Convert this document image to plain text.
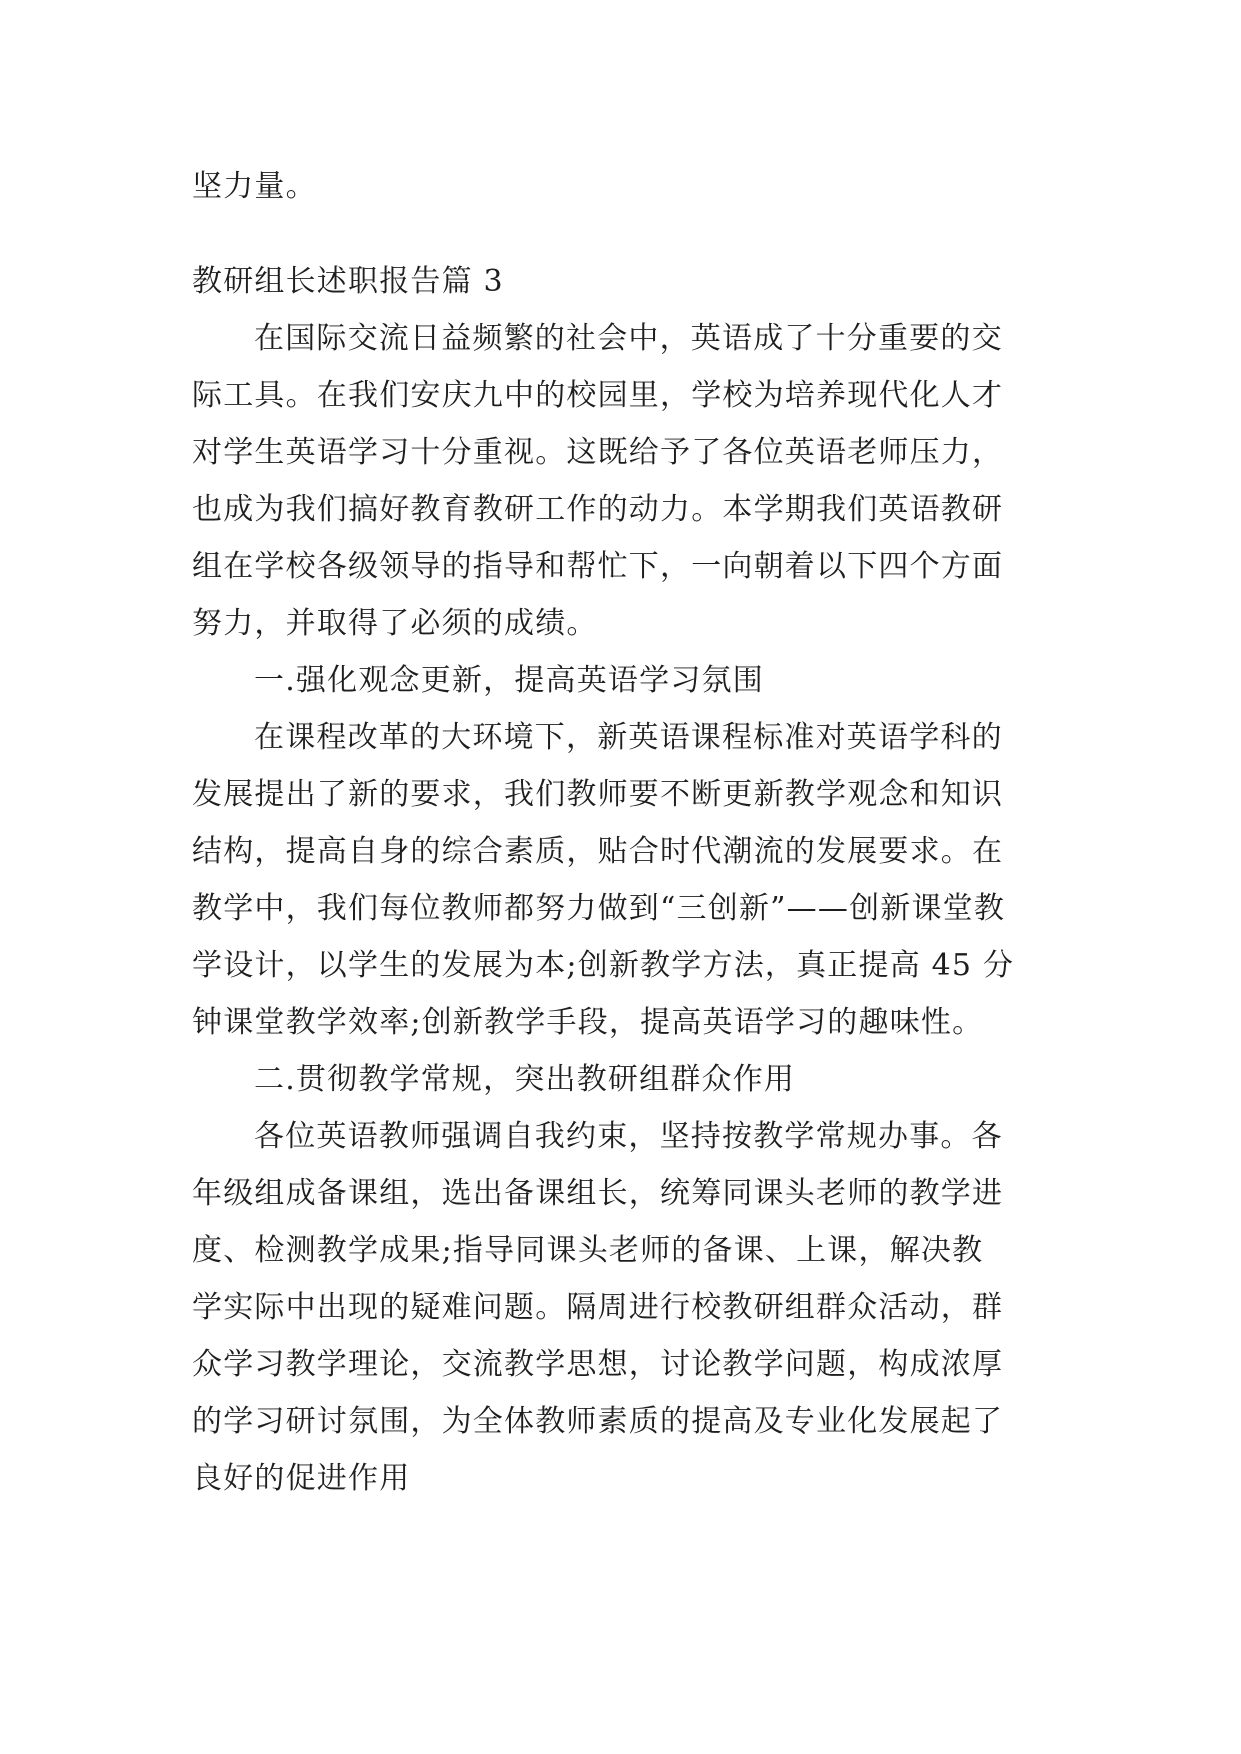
坚力量。
教研组长述职报告篇 3
在国际交流日益频繁的社会中，英语成了十分重要的交
际工具。在我们安庆九中的校园里，学校为培养现代化人才
对学生英语学习十分重视。这既给予了各位英语老师压力，
也成为我们搞好教育教研工作的动力。本学期我们英语教研
组在学校各级领导的指导和帮忙下，一向朝着以下四个方面
努力，并取得了必须的成绩。
一.强化观念更新，提高英语学习氛围
在课程改革的大环境下，新英语课程标准对英语学科的
发展提出了新的要求，我们教师要不断更新教学观念和知识
结构，提高自身的综合素质，贴合时代潮流的发展要求。在
教学中，我们每位教师都努力做到“三创新”——创新课堂教
学设计，以学生的发展为本;创新教学方法，真正提高 45 分
钟课堂教学效率;创新教学手段，提高英语学习的趣味性。
二.贯彻教学常规，突出教研组群众作用
各位英语教师强调自我约束，坚持按教学常规办事。各
年级组成备课组，选出备课组长，统筹同课头老师的教学进
度、检测教学成果;指导同课头老师的备课、上课，解决教
学实际中出现的疑难问题。隔周进行校教研组群众活动，群
众学习教学理论，交流教学思想，讨论教学问题，构成浓厚
的学习研讨氛围，为全体教师素质的提高及专业化发展起了
良好的促进作用
